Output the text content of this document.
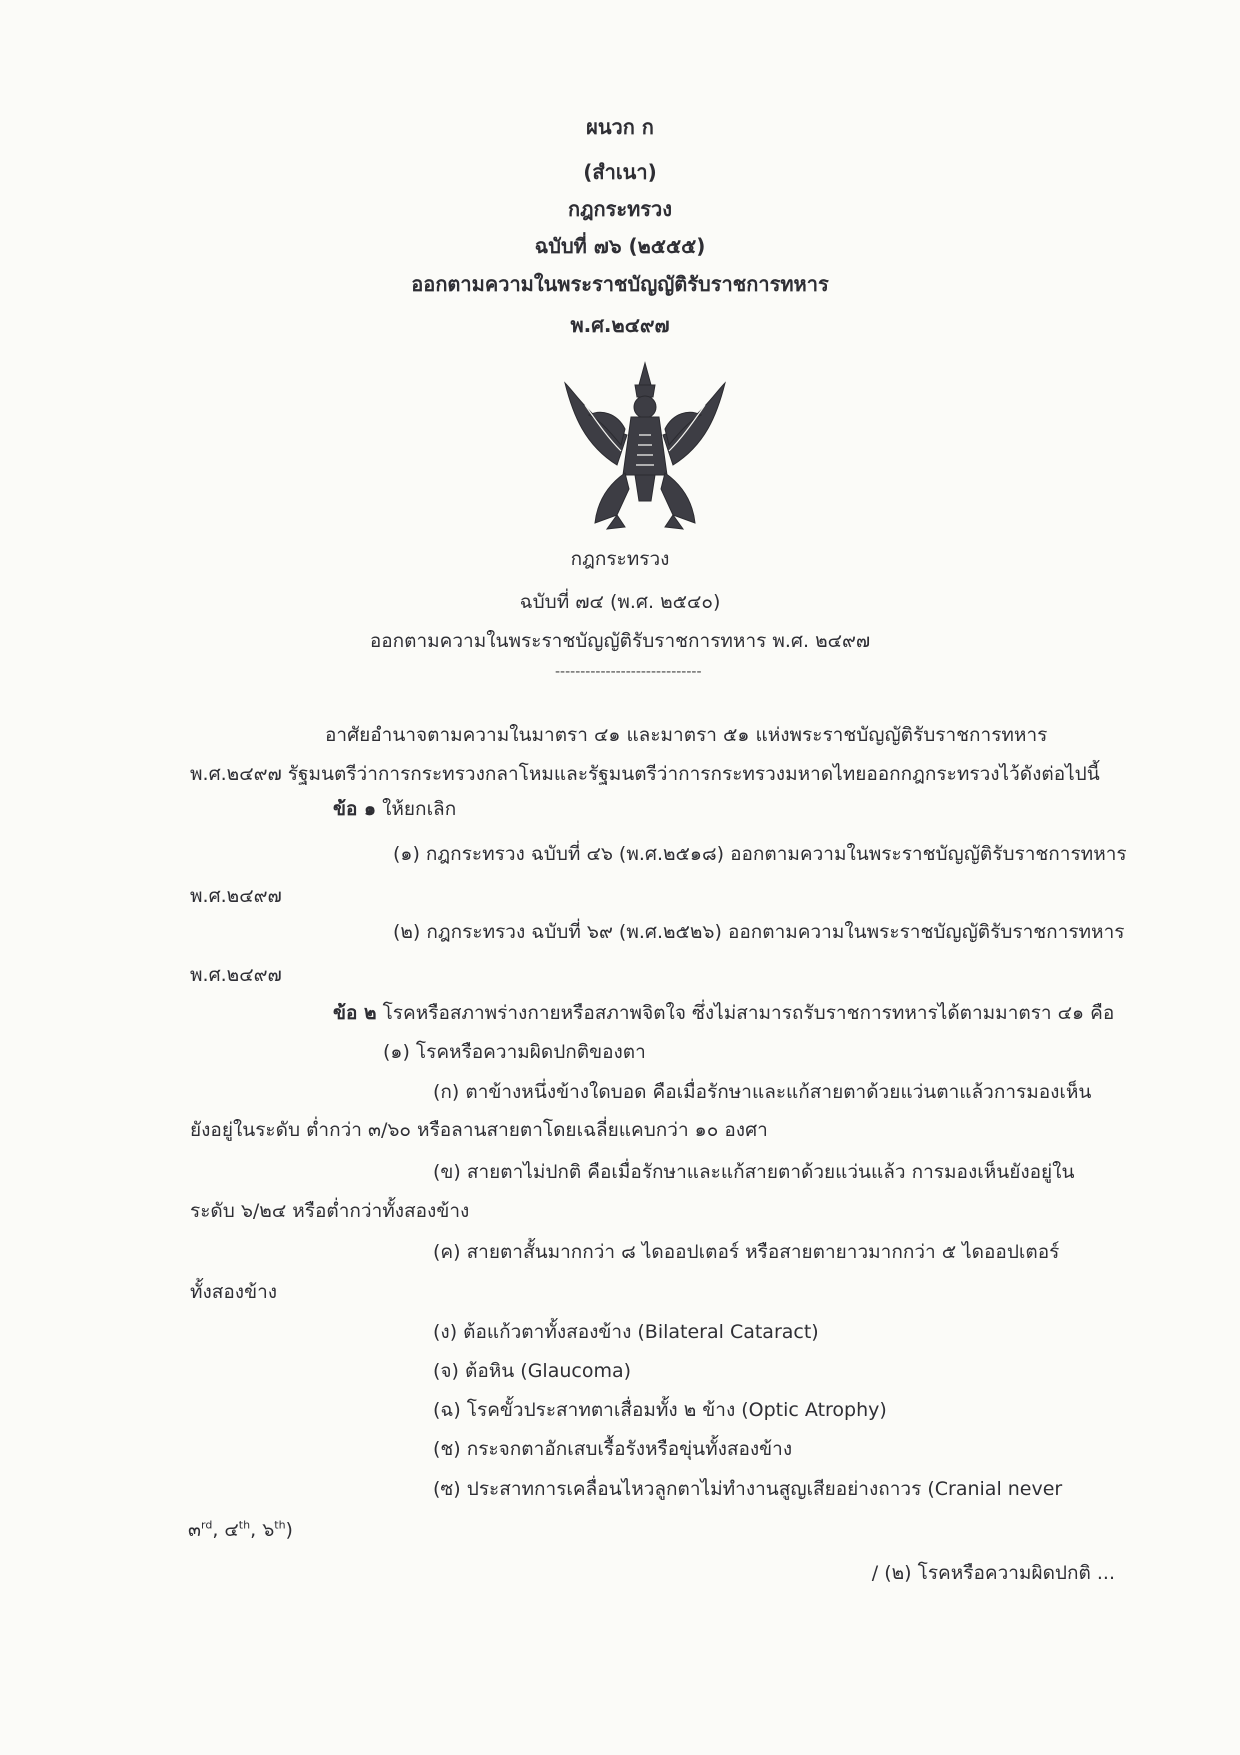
ผนวก ก
(สำเนา)
กฎกระทรวง
ฉบับที่ ๗๖ (๒๕๕๕)
ออกตามความในพระราชบัญญัติรับราชการทหาร
พ.ศ.๒๔๙๗
กฎกระทรวง
ฉบับที่ ๗๔ (พ.ศ. ๒๕๔๐)
ออกตามความในพระราชบัญญัติรับราชการทหาร พ.ศ. ๒๔๙๗
-----------------------------
อาศัยอำนาจตามความในมาตรา ๔๑ และมาตรา ๕๑ แห่งพระราชบัญญัติรับราชการทหาร
พ.ศ.๒๔๙๗ รัฐมนตรีว่าการกระทรวงกลาโหมและรัฐมนตรีว่าการกระทรวงมหาดไทยออกกฎกระทรวงไว้ดังต่อไปนี้
ข้อ ๑ ให้ยกเลิก
(๑) กฎกระทรวง ฉบับที่ ๔๖ (พ.ศ.๒๕๑๘) ออกตามความในพระราชบัญญัติรับราชการทหาร
พ.ศ.๒๔๙๗
(๒) กฎกระทรวง ฉบับที่ ๖๙ (พ.ศ.๒๕๒๖) ออกตามความในพระราชบัญญัติรับราชการทหาร
พ.ศ.๒๔๙๗
ข้อ ๒ โรคหรือสภาพร่างกายหรือสภาพจิตใจ ซึ่งไม่สามารถรับราชการทหารได้ตามมาตรา ๔๑ คือ
(๑) โรคหรือความผิดปกติของตา
(ก) ตาข้างหนึ่งข้างใดบอด คือเมื่อรักษาและแก้สายตาด้วยแว่นตาแล้วการมองเห็น
ยังอยู่ในระดับ ต่ำกว่า ๓/๖๐ หรือลานสายตาโดยเฉลี่ยแคบกว่า ๑๐ องศา
(ข) สายตาไม่ปกติ คือเมื่อรักษาและแก้สายตาด้วยแว่นแล้ว การมองเห็นยังอยู่ใน
ระดับ ๖/๒๔ หรือต่ำกว่าทั้งสองข้าง
(ค) สายตาสั้นมากกว่า ๘ ไดออปเตอร์ หรือสายตายาวมากกว่า ๕ ไดออปเตอร์
ทั้งสองข้าง
(ง) ต้อแก้วตาทั้งสองข้าง (Bilateral Cataract)
(จ) ต้อหิน (Glaucoma)
(ฉ) โรคขั้วประสาทตาเสื่อมทั้ง ๒ ข้าง (Optic Atrophy)
(ช) กระจกตาอักเสบเรื้อรังหรือขุ่นทั้งสองข้าง
(ซ) ประสาทการเคลื่อนไหวลูกตาไม่ทำงานสูญเสียอย่างถาวร (Cranial never
๓$^{rd}$, ๔$^{th}$, ๖$^{th}$)
/ (๒) โรคหรือความผิดปกติ ...
